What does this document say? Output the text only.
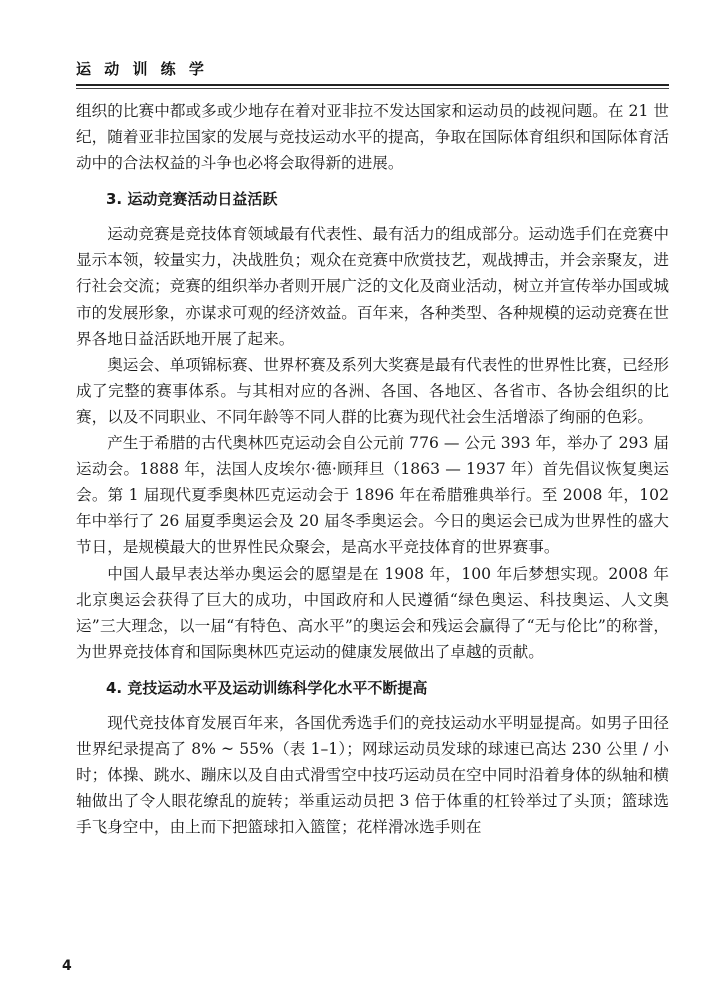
运 动 训 练 学

组织的比赛中都或多或少地存在着对亚非拉不发达国家和运动员的歧视问题。在 21 世纪，随着亚非拉国家的发展与竞技运动水平的提高，争取在国际体育组织和国际体育活动中的合法权益的斗争也必将会取得新的进展。

3. 运动竞赛活动日益活跃

运动竞赛是竞技体育领域最有代表性、最有活力的组成部分。运动选手们在竞赛中显示本领，较量实力，决战胜负；观众在竞赛中欣赏技艺，观战搏击，并会亲聚友，进行社会交流；竞赛的组织举办者则开展广泛的文化及商业活动，树立并宣传举办国或城市的发展形象，亦谋求可观的经济效益。百年来，各种类型、各种规模的运动竞赛在世界各地日益活跃地开展了起来。

奥运会、单项锦标赛、世界杯赛及系列大奖赛是最有代表性的世界性比赛，已经形成了完整的赛事体系。与其相对应的各洲、各国、各地区、各省市、各协会组织的比赛，以及不同职业、不同年龄等不同人群的比赛为现代社会生活增添了绚丽的色彩。

产生于希腊的古代奥林匹克运动会自公元前 776 — 公元 393 年，举办了 293 届运动会。1888 年，法国人皮埃尔·德·顾拜旦（1863 — 1937 年）首先倡议恢复奥运会。第 1 届现代夏季奥林匹克运动会于 1896 年在希腊雅典举行。至 2008 年，102 年中举行了 26 届夏季奥运会及 20 届冬季奥运会。今日的奥运会已成为世界性的盛大节日，是规模最大的世界性民众聚会，是高水平竞技体育的世界赛事。

中国人最早表达举办奥运会的愿望是在 1908 年，100 年后梦想实现。2008 年北京奥运会获得了巨大的成功，中国政府和人民遵循“绿色奥运、科技奥运、人文奥运”三大理念，以一届“有特色、高水平”的奥运会和残运会赢得了“无与伦比”的称誉，为世界竞技体育和国际奥林匹克运动的健康发展做出了卓越的贡献。

4. 竞技运动水平及运动训练科学化水平不断提高

现代竞技体育发展百年来，各国优秀选手们的竞技运动水平明显提高。如男子田径世界纪录提高了 8% ~ 55%（表 1–1）；网球运动员发球的球速已高达 230 公里 / 小时；体操、跳水、蹦床以及自由式滑雪空中技巧运动员在空中同时沿着身体的纵轴和横轴做出了令人眼花缭乱的旋转；举重运动员把 3 倍于体重的杠铃举过了头顶；篮球选手飞身空中，由上而下把篮球扣入篮筐；花样滑冰选手则在

4
